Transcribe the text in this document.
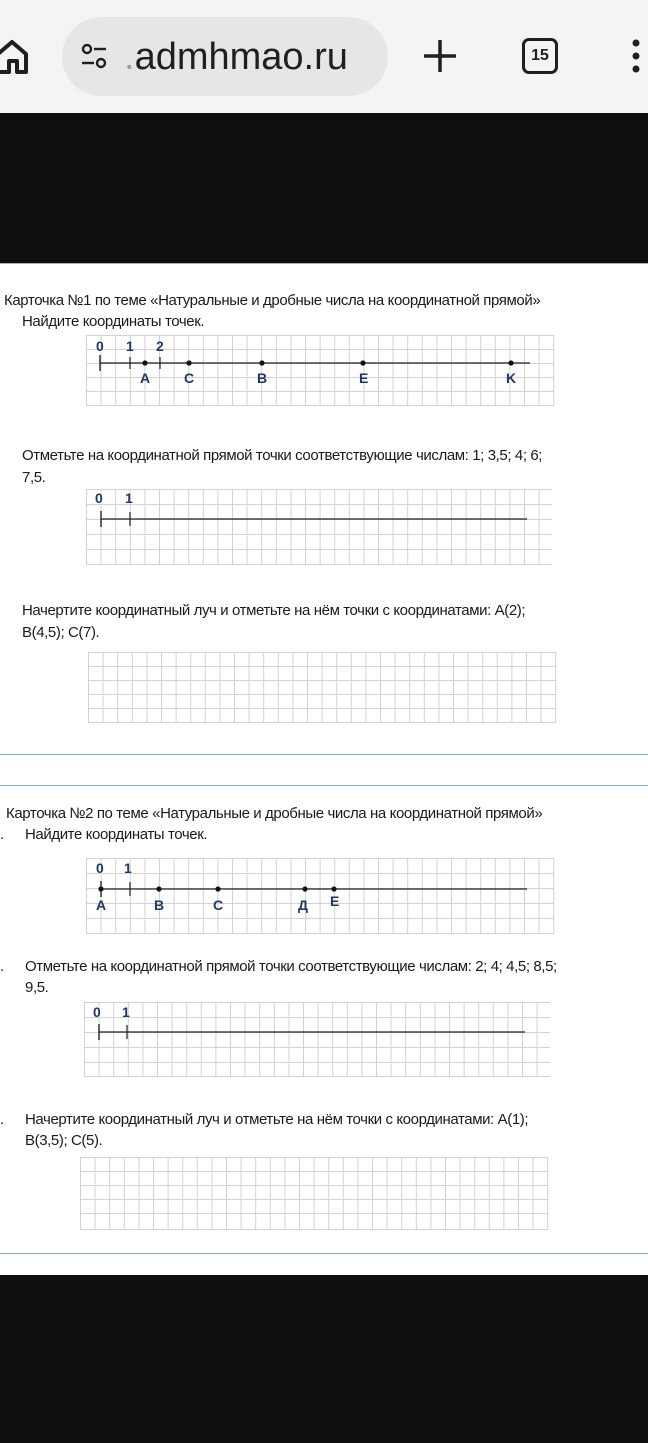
.admhmao.ru	15
Карточка №1 по теме «Натуральные и дробные числа на координатной прямой»
Найдите координаты точек.
0 1 2
A C	B	E	K
Отметьте на координатной прямой точки соответствующие числам: 1; 3,5; 4; 6;
7,5.
0 1
Начертите координатный луч и отметьте на нём точки с координатами: A(2);
B(4,5); C(7).
Карточка №2 по теме «Натуральные и дробные числа на координатной прямой»
. Найдите координаты точек.
0 1
A	B	C	Д E
. Отметьте на координатной прямой точки соответствующие числам: 2; 4; 4,5; 8,5;
9,5.
0 1
. Начертите координатный луч и отметьте на нём точки с координатами: A(1);
B(3,5); C(5).
